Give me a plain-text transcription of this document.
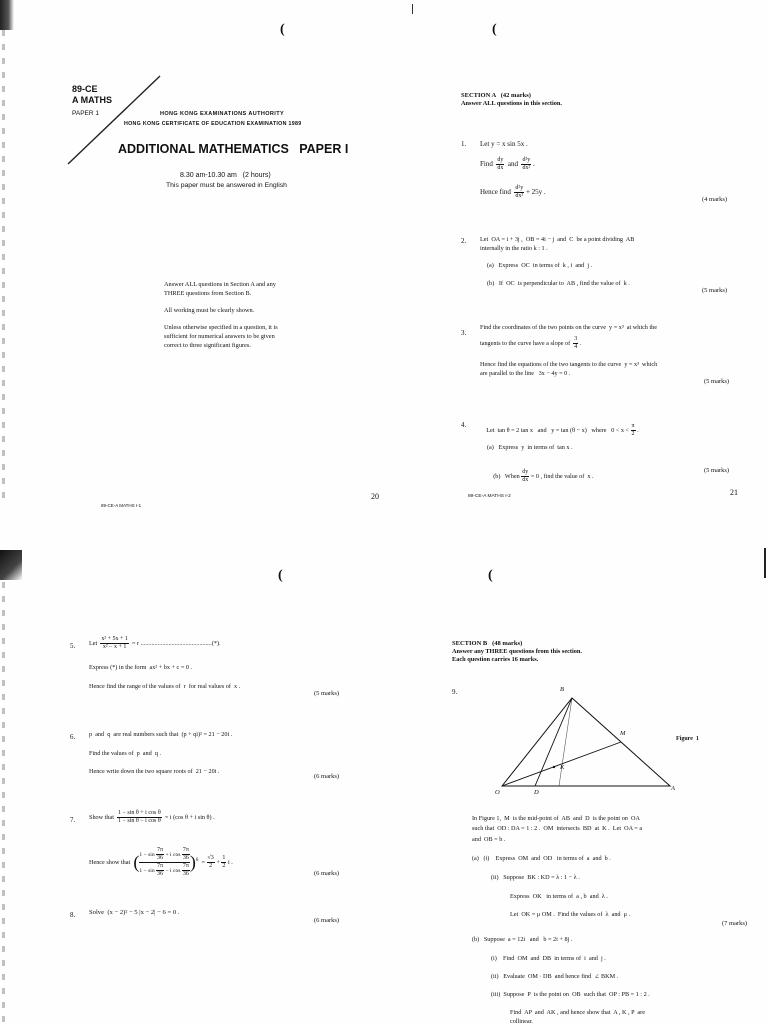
(
89-CE
A MATHS
PAPER 1	HONG KONG EXAMINATIONS AUTHORITY
HONG KONG CERTIFICATE OF EDUCATION EXAMINATION 1989
ADDITIONAL MATHEMATICS   PAPER I
8.30 am-10.30 am   (2 hours)
This paper must be answered in English
Answer ALL questions in Section A and any
THREE questions from Section B.
All working must be clearly shown.
Unless otherwise specified in a question, it is
sufficient for numerical answers to be given
correct to three significant figures.
20
89-CE-A MATHS I-1
(
SECTION A   (42 marks)
Answer ALL questions in this section.
1. Let y = x sin 5x .
Find $\frac{dy}{dx}$ and $\frac{\text{d²y}}{\text{dx²}}$ .
Hence find $\frac{\text{d²y}}{\text{dx²}} + 25y$ .
(4 marks)
2. Let  OA = i + 3j ,  OB = 4i − j  and  C  be a point dividing  AB
internally in the ratio k : 1 .
(a)   Express  OC  in terms of  k , i  and  j .
(b)   If  OC  is perpendicular to  AB , find the value of  k .
(5 marks)
3.
Find the coordinates of the two points on the curve  y = x³  at which the
tangents to the curve have a slope of $\frac{3}{4}$ .
Hence find the equations of the two tangents to the curve  y = x³  which
are parallel to the line   3x − 4y = 0 .
(5 marks)
4.

Let  tan θ = 2 tan x   and   y = tan (θ − x)   where   $0 < x < \frac{\pi}{2}$ .

(a)   Express  y  in terms of  tan x .

(b)   When $\frac{dy}{dx} = 0$ , find the value of  x .

(5 marks)
21
89-CE-A MATHS I-2
(
5. Let $\frac{\text{x² + 5x + 1}}{\text{x² − x + 1}} = r$ ..............................................(*).
Express (*) in the form  ax² + bx + c = 0 .
Hence find the range of the values of  r  for real values of  x .
(5 marks)
6. p  and  q  are real numbers such that  (p + qi)² = 21 − 20i .
Find the values of  p  and  q .
Hence write down the two square roots of  21 − 20i .
(6 marks)
7. Show that $\frac{\text{1 − sin θ + i cos θ}}{\text{1 − sin θ − i cos θ}} = i$ (cos θ + i sin θ) .
Hence show that ( $\frac{1 - \sin \frac{7\pi}{36} + i \cos \frac{7\pi}{36}}{1 - \sin \frac{7\pi}{36} - i \cos \frac{7\pi}{36}} )^6 = \frac{√3}{2} + \frac{1}{2}$ i .
(6 marks)
8. Solve  (x − 2)² − 5 |x − 2| − 6 = 0 .
(6 marks)
(
SECTION B   (48 marks)
Answer any THREE questions from this section.
Each question carries 16 marks.
9.	B
M
K
O	D
A
Figure  1
In Figure 1,  M  is the mid-point of  AB  and  D  is the point on  OA
such that  OD : DA = 1 : 2 .  OM  intersects  BD  at  K .  Let  OA = a
and  OB = b .
(a)   (i)    Express  OM  and  OD   in terms of  a  and  b .
(ii)   Suppose  BK : KD = λ : 1 − λ .
Express  OK   in terms of  a , b  and  λ .
Let  OK = μ OM .  Find the values of  λ  and  μ .
(7 marks)
(b)   Suppose  a = 12i   and   b = 2i + 8j .
(i)    Find  OM  and  DB  in terms of  i  and  j .
(ii)   Evaluate  OM · DB  and hence find  ∠ BKM .
(iii)  Suppose  P  is the point on  OB  such that  OP : PB = 1 : 2 .
Find  AP  and  AK , and hence show that  A , K , P  are
collinear.
